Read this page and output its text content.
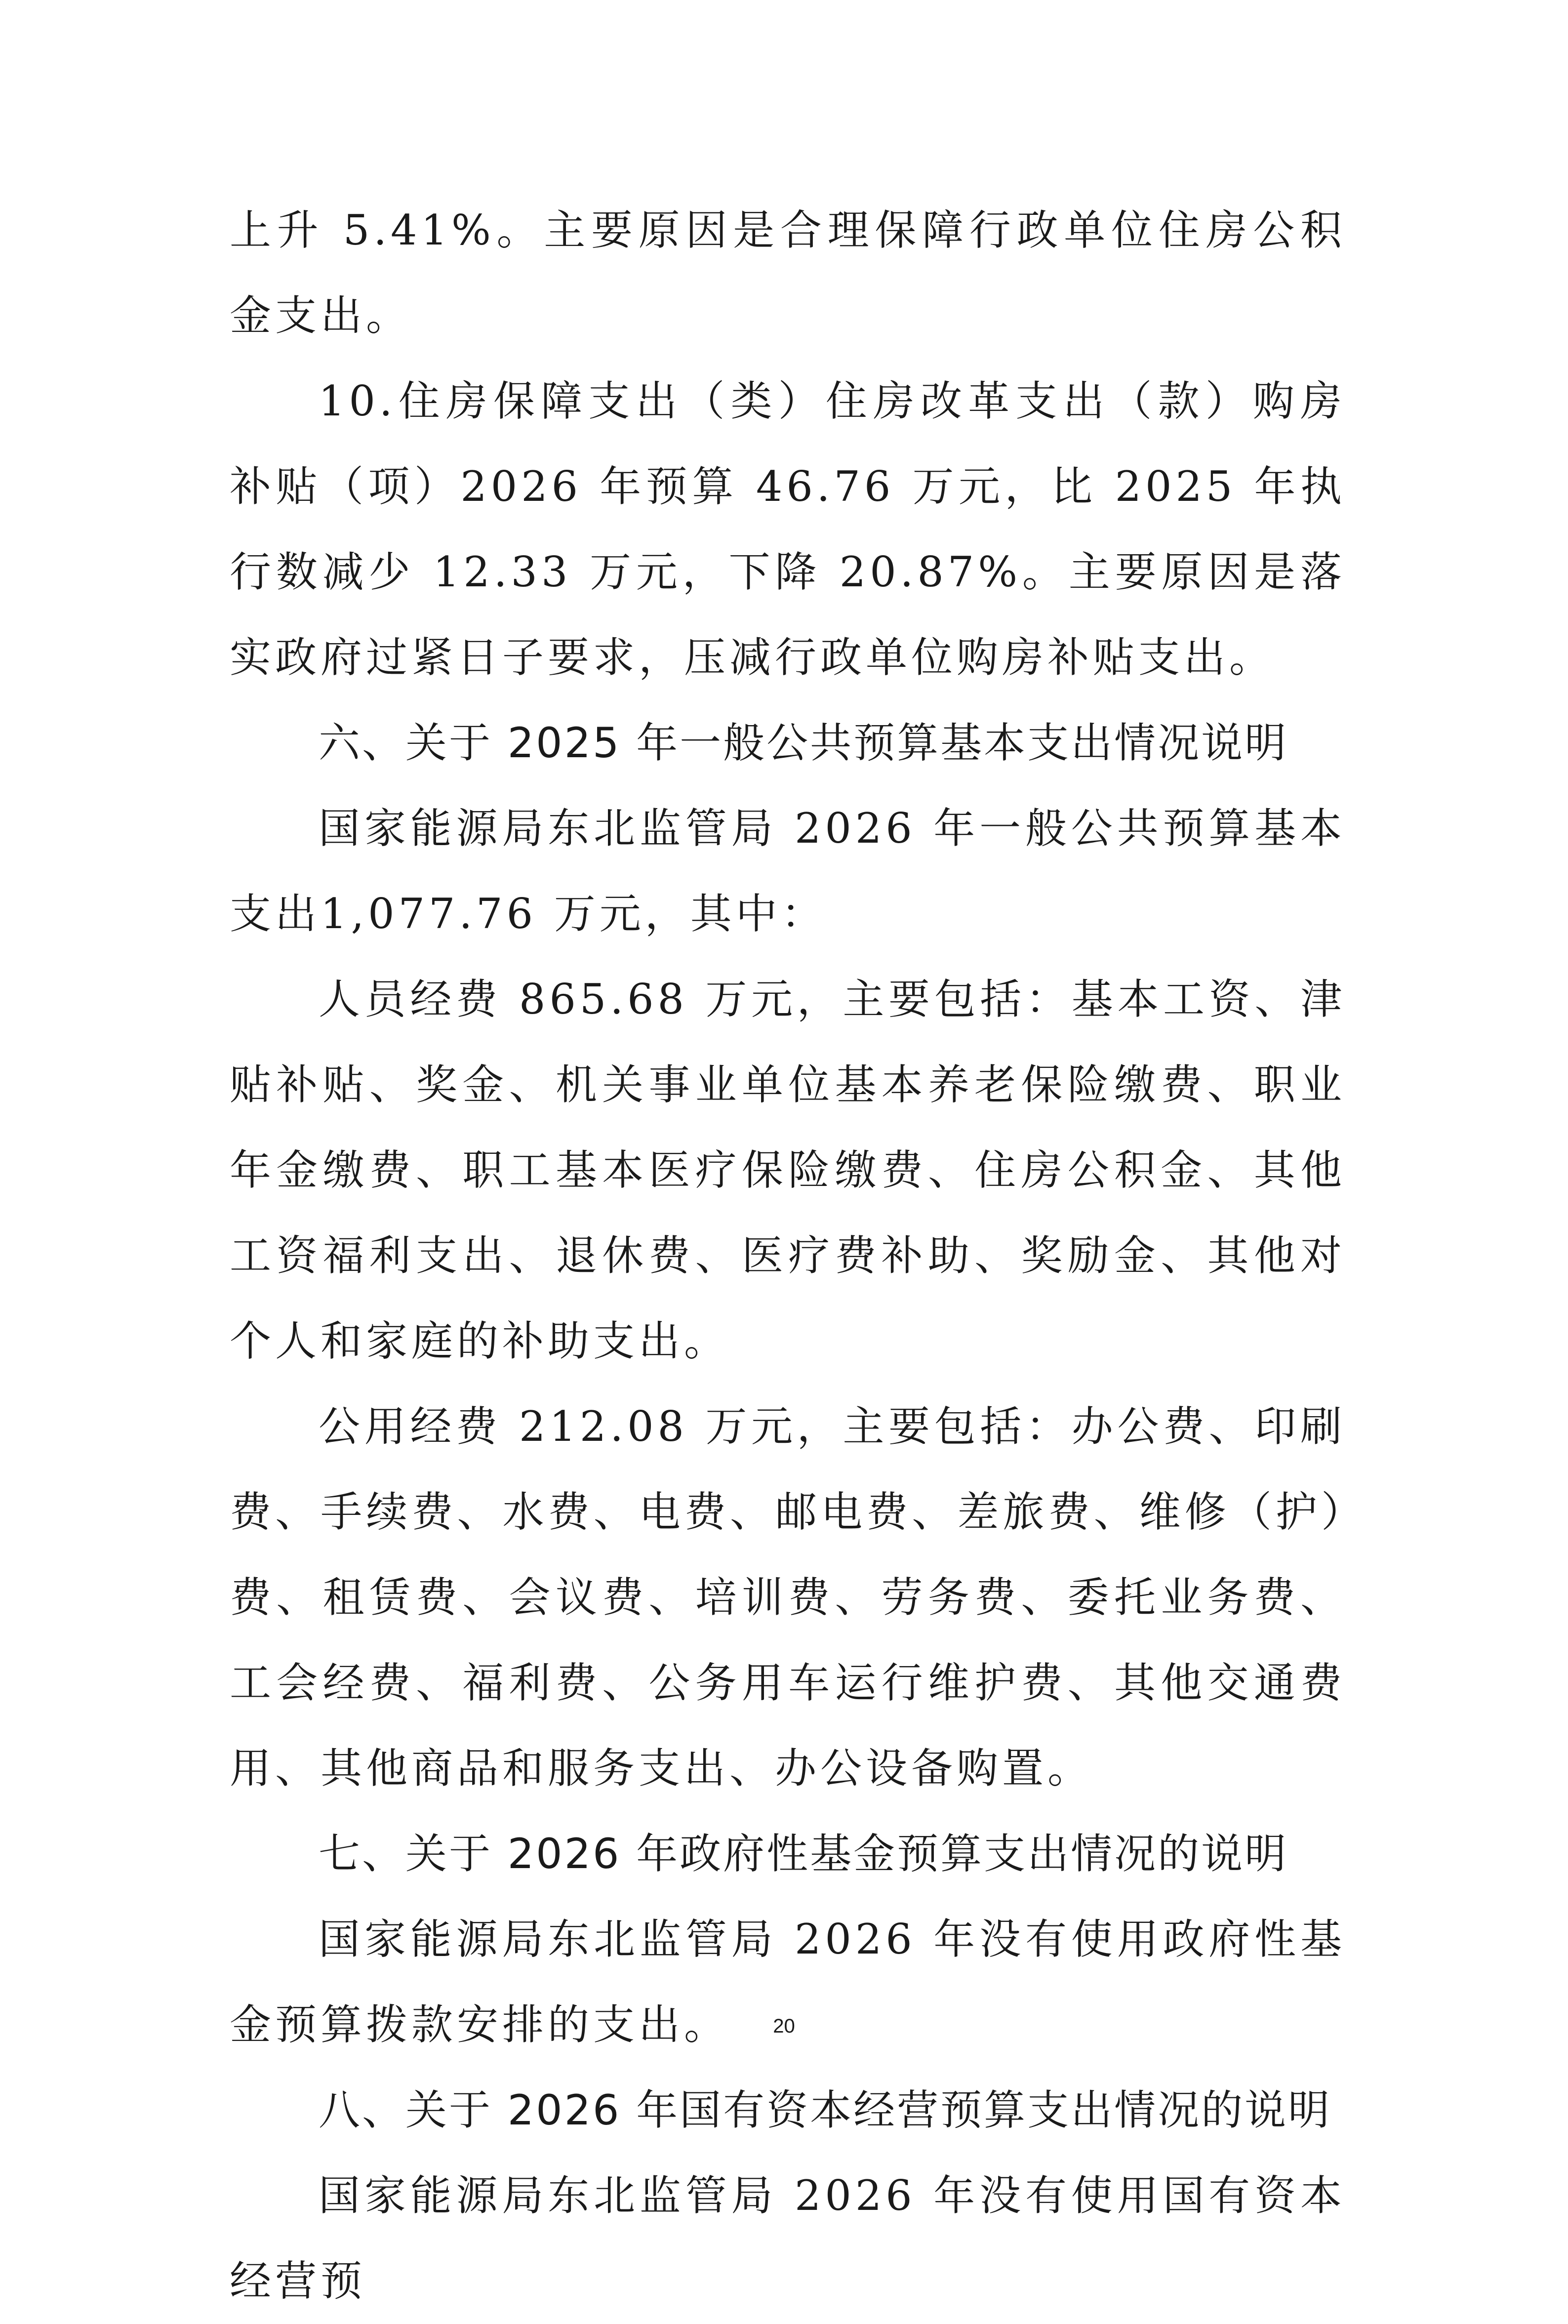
上升 5.41%。主要原因是合理保障行政单位住房公积金支出。

10.住房保障支出（类）住房改革支出（款）购房补贴（项）2026 年预算 46.76 万元，比 2025 年执行数减少 12.33 万元，下降 20.87%。主要原因是落实政府过紧日子要求，压减行政单位购房补贴支出。

六、关于 2025 年一般公共预算基本支出情况说明

国家能源局东北监管局 2026 年一般公共预算基本支出1,077.76 万元，其中：

人员经费 865.68 万元，主要包括：基本工资、津贴补贴、奖金、机关事业单位基本养老保险缴费、职业年金缴费、职工基本医疗保险缴费、住房公积金、其他工资福利支出、退休费、医疗费补助、奖励金、其他对个人和家庭的补助支出。

公用经费 212.08 万元，主要包括：办公费、印刷费、手续费、水费、电费、邮电费、差旅费、维修（护）费、租赁费、会议费、培训费、劳务费、委托业务费、工会经费、福利费、公务用车运行维护费、其他交通费用、其他商品和服务支出、办公设备购置。

七、关于 2026 年政府性基金预算支出情况的说明

国家能源局东北监管局 2026 年没有使用政府性基金预算拨款安排的支出。

八、关于 2026 年国有资本经营预算支出情况的说明

国家能源局东北监管局 2026 年没有使用国有资本经营预

20
